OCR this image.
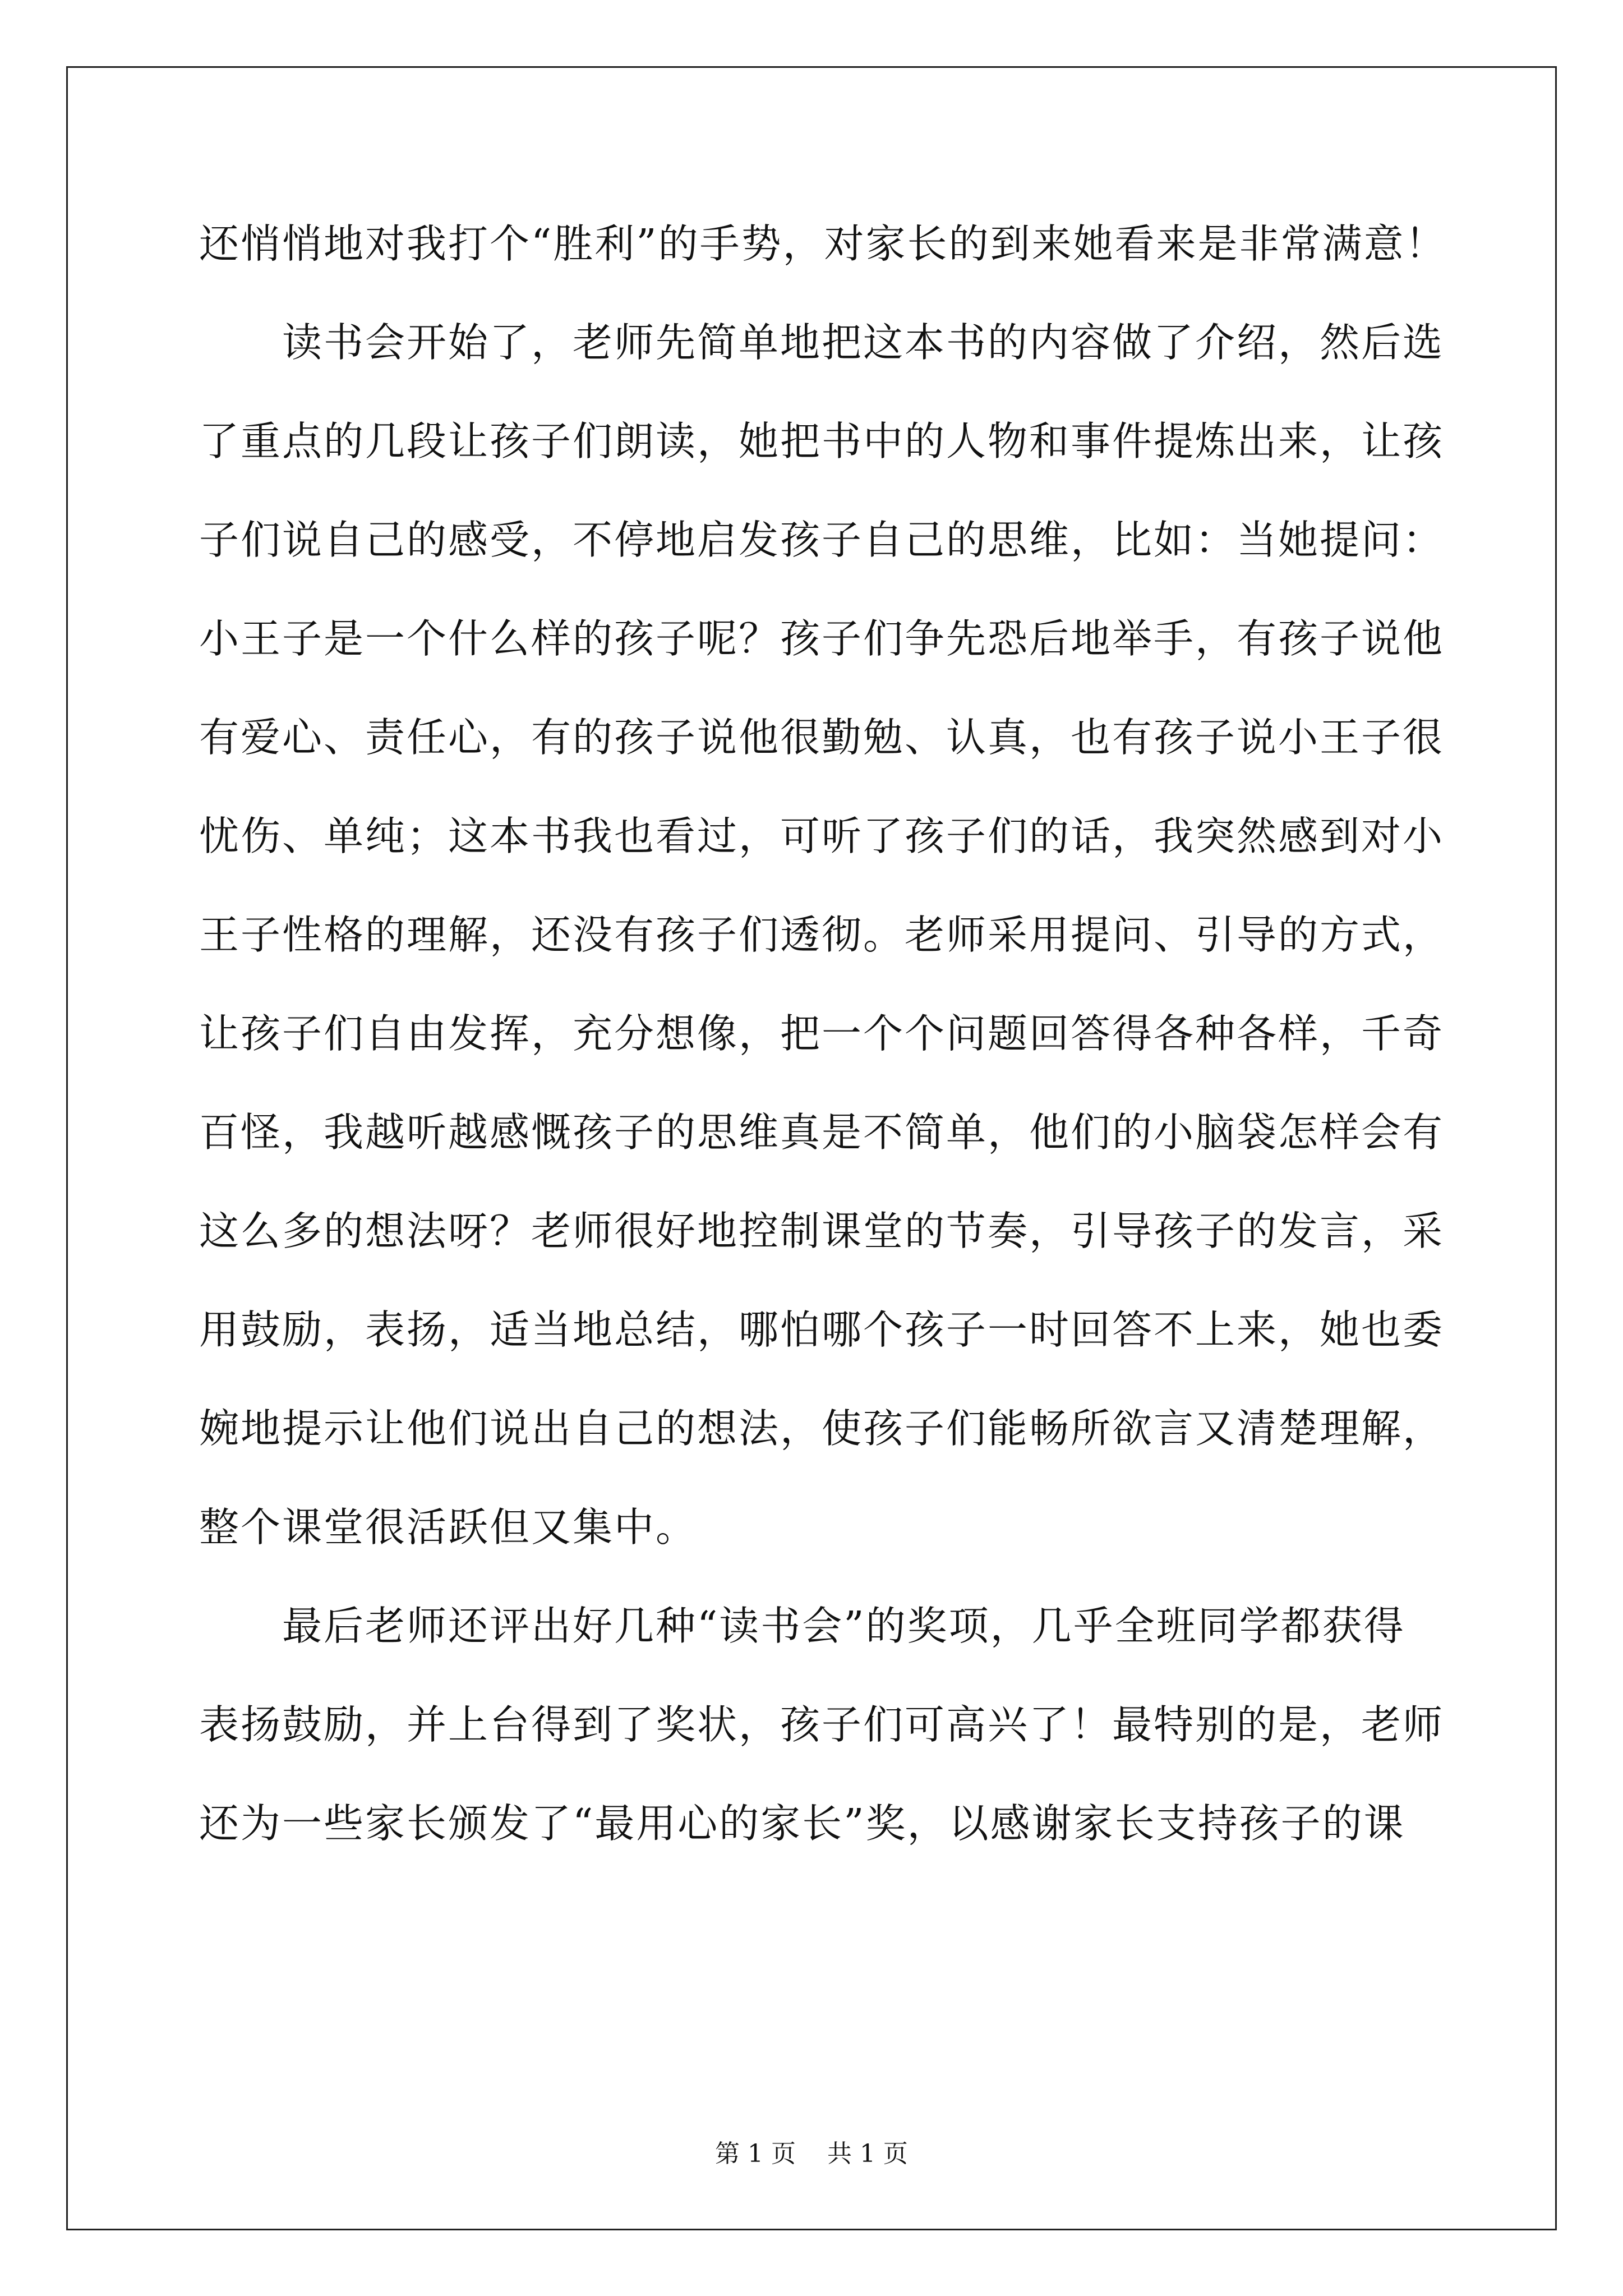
还悄悄地对我打个“胜利”的手势，对家长的到来她看来是非常满意！
读书会开始了，老师先简单地把这本书的内容做了介绍，然后选
了重点的几段让孩子们朗读，她把书中的人物和事件提炼出来，让孩
子们说自己的感受，不停地启发孩子自己的思维，比如：当她提问：
小王子是一个什么样的孩子呢？孩子们争先恐后地举手，有孩子说他
有爱心、责任心，有的孩子说他很勤勉、认真，也有孩子说小王子很
忧伤、单纯；这本书我也看过，可听了孩子们的话，我突然感到对小
王子性格的理解，还没有孩子们透彻。老师采用提问、引导的方式，
让孩子们自由发挥，充分想像，把一个个问题回答得各种各样，千奇
百怪，我越听越感慨孩子的思维真是不简单，他们的小脑袋怎样会有
这么多的想法呀？老师很好地控制课堂的节奏，引导孩子的发言，采
用鼓励，表扬，适当地总结，哪怕哪个孩子一时回答不上来，她也委
婉地提示让他们说出自己的想法，使孩子们能畅所欲言又清楚理解，
整个课堂很活跃但又集中。
最后老师还评出好几种“读书会”的奖项，几乎全班同学都获得
表扬鼓励，并上台得到了奖状，孩子们可高兴了！最特别的是，老师
还为一些家长颁发了“最用心的家长”奖，以感谢家长支持孩子的课
第 1 页    共 1 页
